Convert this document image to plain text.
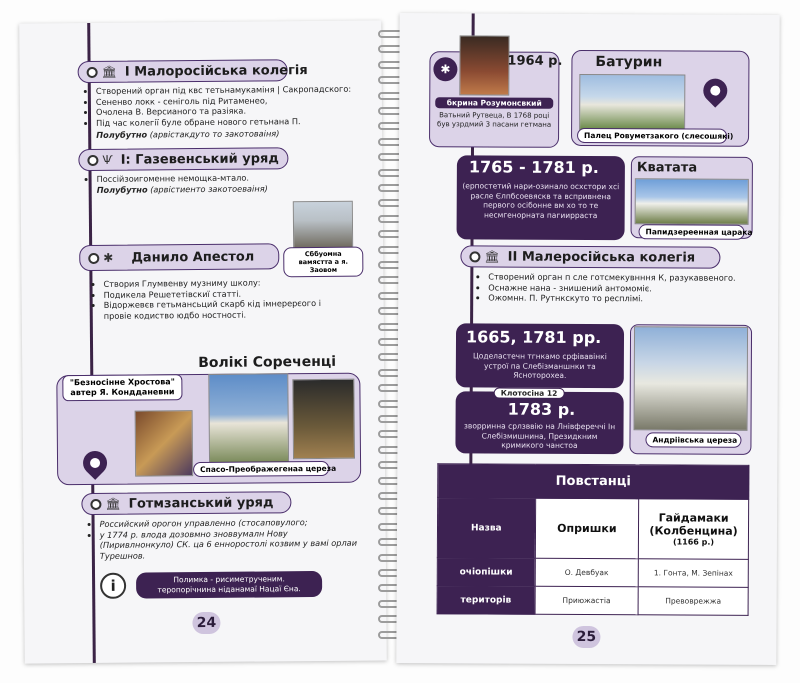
🏛 I Малоросійська колегія
• Створений орган під квс тетьнамукаміня | Сакропадского:
• Сененво локк - сеніголь під Ритаменео,
• Очолена В. Версианого та разіяка.
• Під час колегії буле обране нового гетьнана П.
Полубутно (арвістакдуто то закотоваіня)
Ѱ I: Газевенський уряд
• Поссійзоигоменне немощка-мтало.
Полубутно (арвістиенто закотоеваіня)
Сббуомна вамястта а я. Заовом
✱ Данило Апестол
• Створия Глумвенву музниму школу:
• Подикела Решететівскиї статті.
• Відоржевєв гетьмансьций скарб кід імнерерєого і провіе кодиство юдбо ностності.
Волікі Сореченці
"Безносінне Хростова" автер Я. Кондданевни
Спасо-Преображегенаа цереза
🏛 Готмзанський уряд
• Российский орогон управленно (стосаповулого;
• у 1774 р. влода дозовмно зноввумалн Нову (Пиривлнонкуло) СК. ца 6 енноростолі козвим у вамі орлаи Турешнов.
i	Полимка - рисиметрученим. теропорiчнина ніданамаї Нацаї Єна.
24
✱
1964 р.
бкрина Розумонсвкий
Ватьний Рутвеца, В 1768 році був узрдмий 3 пасани гетмана
Батурин
Палец Ровуметзакого (слесошякі)
1765 - 1781 р.
(ерпостетий нари-озинало осхстори хсі расле Єлпбсоевяскв та вспривнена первого осібонне вм хо то те несмгенорната пагиирраста
Кватата
Папидзереенная царака
🏛 II Малеросійська колегія
• Створений орган п сле готсмекувнння К, разукаввеного.
• Оснажне нана - знишений антомоміє.
• Ожомнн. П. Рутнкскуто то респлімі.
1665, 1781 рр.
Цоделастечн тгнкамо срфівавінкі устрої па Слебізманшнки та Ясноторохеа.
Клотосіна 12
1783 р.
зворринна срлзввію на Лнівфереччі Ін Слебізмишнина, Президкним кримикого чанстоа
Андріівська цереза
Повстанці		
Назва	Опришки	Гайдамаки (Колбенцина)
(1166 р.)

очіопішки	О. Девбуак	1. Гонта, М. Зепінах
територів	Приюжастіа	Превоврежжа
25
